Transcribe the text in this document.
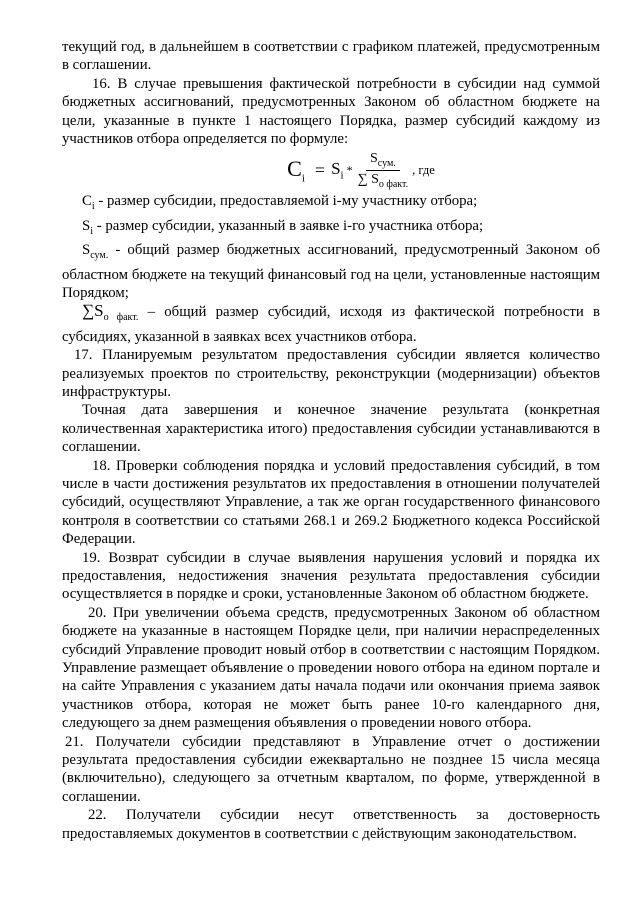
текущий год, в дальнейшем в соответствии с графиком платежей, предусмотренным в соглашении.

16. В случае превышения фактической потребности в субсидии над суммой бюджетных ассигнований, предусмотренных Законом об областном бюджете на цели, указанные в пункте 1 настоящего Порядка, размер субсидий каждому из участников отбора определяется по формуле:

$C_i = S_i * \frac{S_{сум.}}{\sum S_{о факт.}}$ , где

$C_i$ - размер субсидии, предоставляемой i-му участнику отбора;

$S_i$ - размер субсидии, указанный в заявке i-го участника отбора;

$S_{сум.}$ - общий размер бюджетных ассигнований, предусмотренный Законом об областном бюджете на текущий финансовый год на цели, установленные настоящим Порядком;

$\sum S_{о факт.}$ – общий размер субсидий, исходя из фактической потребности в субсидиях, указанной в заявках всех участников отбора.

17. Планируемым результатом предоставления субсидии является количество реализуемых проектов по строительству, реконструкции (модернизации) объектов инфраструктуры.

Точная дата завершения и конечное значение результата (конкретная количественная характеристика итого) предоставления субсидии устанавливаются в соглашении.

18. Проверки соблюдения порядка и условий предоставления субсидий, в том числе в части достижения результатов их предоставления в отношении получателей субсидий, осуществляют Управление, а так же орган государственного финансового контроля в соответствии со статьями 268.1 и 269.2 Бюджетного кодекса Российской Федерации.

19. Возврат субсидии в случае выявления нарушения условий и порядка их предоставления, недостижения значения результата предоставления субсидии осуществляется в порядке и сроки, установленные Законом об областном бюджете.

20. При увеличении объема средств, предусмотренных Законом об областном бюджете на указанные в настоящем Порядке цели, при наличии нераспределенных субсидий Управление проводит новый отбор в соответствии с настоящим Порядком. Управление размещает объявление о проведении нового отбора на едином портале и на сайте Управления с указанием даты начала подачи или окончания приема заявок участников отбора, которая не может быть ранее 10-го календарного дня, следующего за днем размещения объявления о проведении нового отбора.

21. Получатели субсидии представляют в Управление отчет о достижении результата предоставления субсидии ежеквартально не позднее 15 числа месяца (включительно), следующего за отчетным кварталом, по форме, утвержденной в соглашении.

22. Получатели субсидии несут ответственность за достоверность предоставляемых документов в соответствии с действующим законодательством.
